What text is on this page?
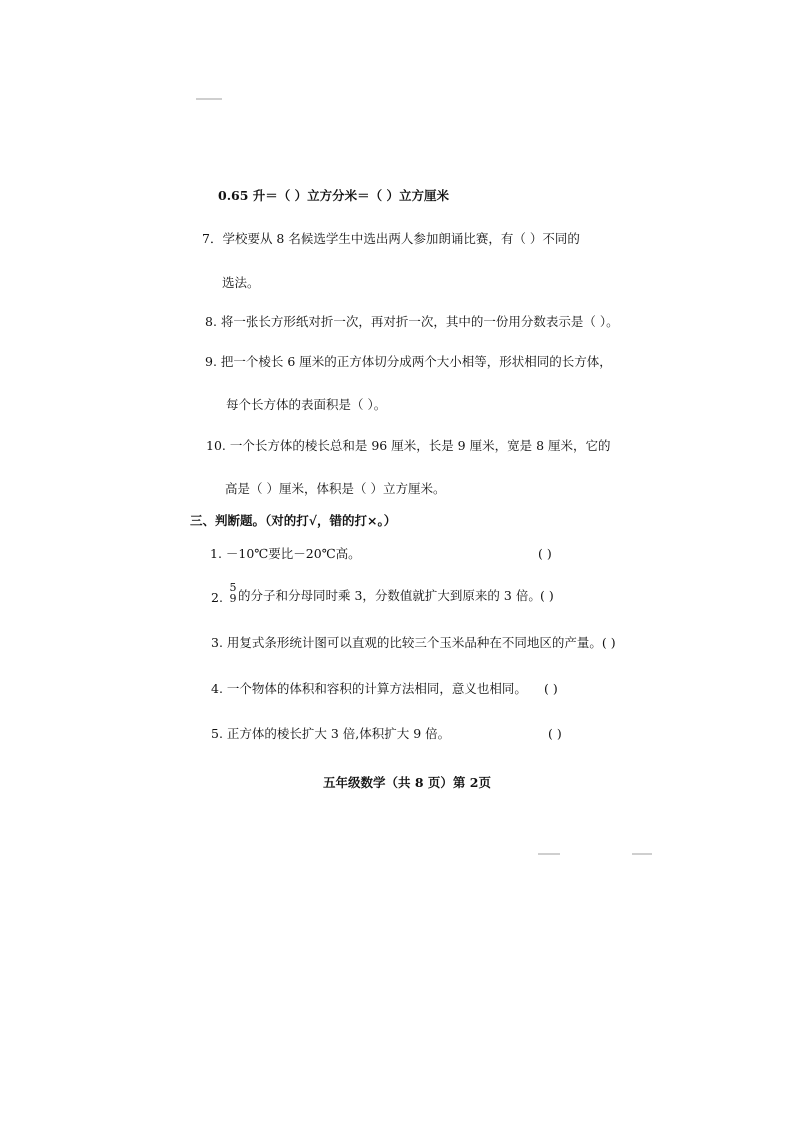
0.65 升＝（ ）立方分米＝（ ）立方厘米
7．学校要从 8 名候选学生中选出两人参加朗诵比赛，有（ ）不同的
选法。
8. 将一张长方形纸对折一次，再对折一次，其中的一份用分数表示是（ ）。
9. 把一个棱长 6 厘米的正方体切分成两个大小相等，形状相同的长方体，
每个长方体的表面积是（ ）。
10. 一个长方体的棱长总和是 96 厘米，长是 9 厘米，宽是 8 厘米，它的
高是（ ）厘米，体积是（ ）立方厘米。
三、判断题。（对的打√，错的打×。）
1. －10℃要比－20℃高。	( )
2.
5
9 的分子和分母同时乘 3，分数值就扩大到原来的 3 倍。 ( )
3. 用复式条形统计图可以直观的比较三个玉米品种在不同地区的产量。( )
4. 一个物体的体积和容积的计算方法相同，意义也相同。 ( )
5. 正方体的棱长扩大 3 倍,体积扩大 9 倍。	( )
五年级数学（共 8 页）第 2页
